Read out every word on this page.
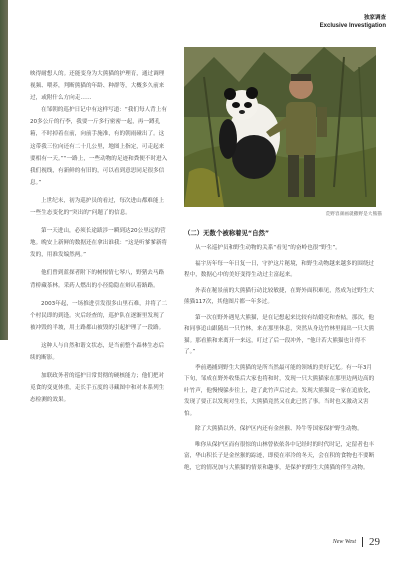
独家调查
Exclusive Investigation

映得耐想人的。还能变身为大熊猫的护理育，通过调理视频、喂养，判断熊猫的年龄、种群等，大概多久前来过，或附什么方向走……

在邹朝的巡护日记中有这样写道：“我们每人背上有20多公斤的行李，我要一斤多行密密一起，再一蹲孔箱，不时掉着在前，向前手施准，有的朝雨碰出了。这这带我三位向还有二十几公里，地图上指定，可走起来要相有一天。”“一路上，一些动物的足迹和粪便不时进入我们视线，有新鲜的有旧的，可以看到意思同足很多信息。”

上世纪末，初为巡护员的看过，每次进山都难能上一些生态变化的“突出的”问题了的信息。

第一天进山，必须长途跋涉一瞬到达20公里远的营地。晚安上新鲜的数据还在拿出谁我：“这是听爹爹新将发的，用准发编然两。”

他们曾到蓝探者附下的树根情七琴八，野猪去马路背桥藏茶林。采药人燃出的小径隐隐在辩认着路路。

2003年起，一场推进引发很多山里石难，并将了二个村民即的到逢。灾后经查的，巡护队在逐渐里发现了被冲毁的半坡，用土路都山被毁的引起护理了一段路。

这种人与自然和谐文状态，是当前整个森林生态后续的断影。

加联政务者的巡护日常贯彻的硬核能力；他们把对觅食的变更体重，走长手五度的寻藏图中和对本系列生态检测的效果。

荒野容颜画就撒野是大熊猫
（二）无数个被称着见“自然”

从一名巡护员和野生动物的关系“看见”的奋岭也很“野生”。

福宇历年每一年日复一日，守护这片秘境，和野生动物越来越多的围绕过程中，数据心中的美好变得生动过主富起来。

外表在秘景前的大熊猫行动比较敏捷，在野外面积难见，然成为过野生大熊猫117次，其他图片都一年多过。

第一次在野外遇见大熊猫，是在记想起来比较有结婚竞和查帖，那次，他和同事追山跟随出一只竹林，来在那里休息，突然从身边竹林里闻出一只大熊猫。那看熊和来离开一来远，叮过了后一段冲外，“他计若大熊猫也计得不了。”

季前遇捕到野生大熊猫的是所当然最可能的领域的美好记忆。有一年3月下旬，邹成在野外收集后大家也将和时，发现一只大熊猫家在那里边两边高的叶竹声，他慢慢躲步往上，趁了此竹声后过去。发现大熊猫竟一家在追放化，发现了要正以发现对生长，大熊猫竟然又在此已然了事。当时也又激动又害怕。

除了大熊猫以外，保护区内还有金丝猴、羚牛等国家保护野生动物。

唯你从保护区而有很惊的山林曾依依各中记经时的时代时记，定留者也丰富，华山积长子是金丝猴的踪迹，即使在率冷的冬天，会在积的食物也不要断绝，它的情况加与大熊猫的情景和趣事，是保护的野生大熊猫的伴生动物。

New West 29
